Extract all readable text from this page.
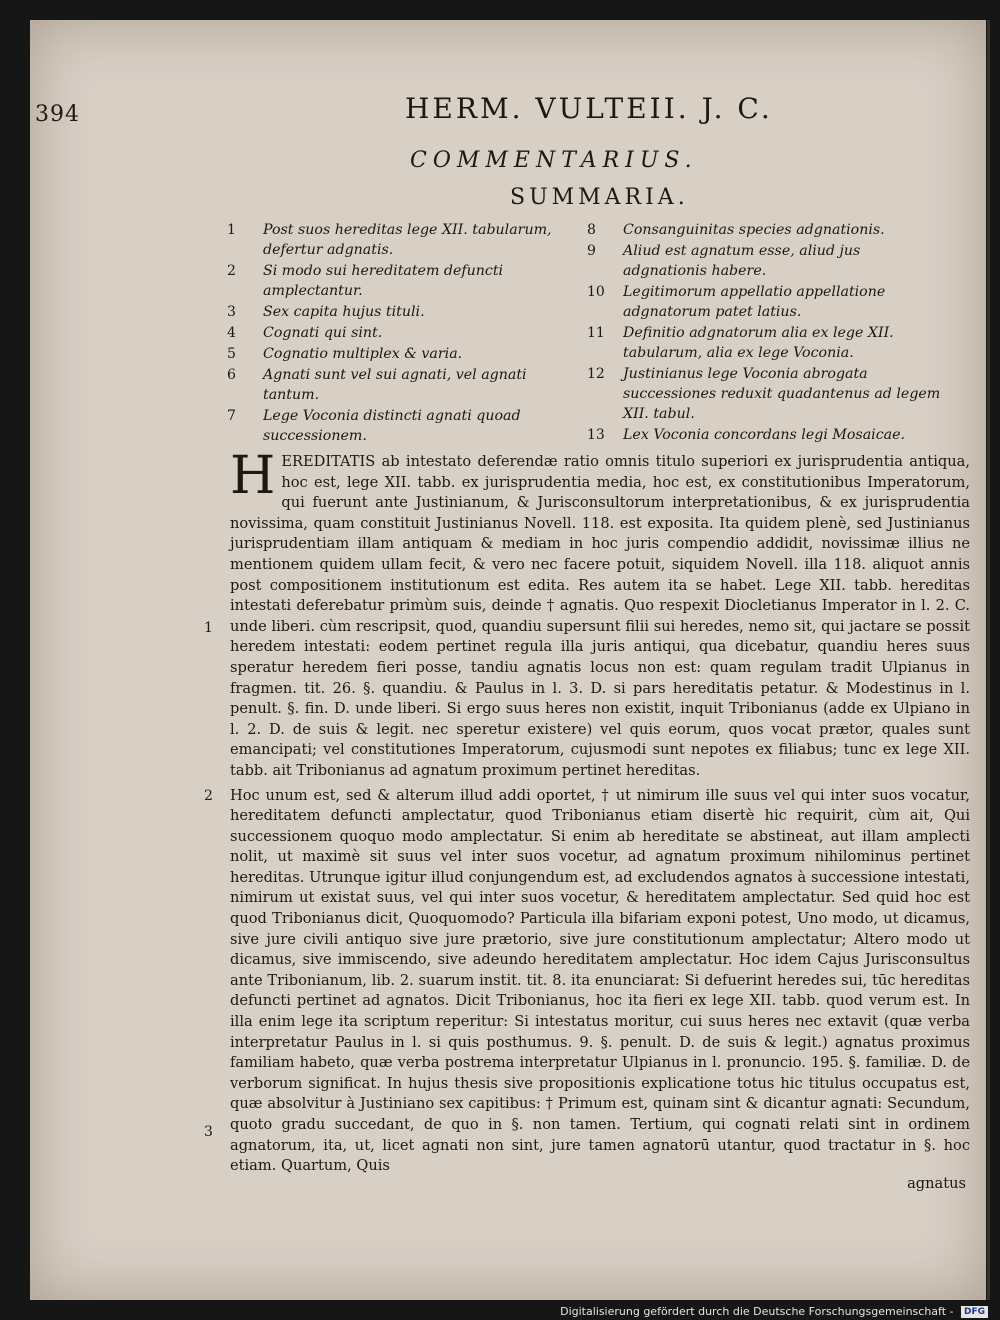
394	HERM. VULTEII. J. C.
COMMENTARIUS.
SUMMARIA.
1 Post suos hereditas lege XII. tabularum, defertur adgnatis.
2 Si modo sui hereditatem defuncti amplectantur.
3 Sex capita hujus tituli.
4 Cognati qui sint.
5 Cognatio multiplex & varia.
6 Agnati sunt vel sui agnati, vel agnati tantum.
7 Lege Voconia distincti agnati quoad successionem.
8 Consanguinitas species adgnationis.
9 Aliud est agnatum esse, aliud jus adgnationis habere.
10 Legitimorum appellatio appellatione adgnatorum patet latius.
11 Definitio adgnatorum alia ex lege XII. tabularum, alia ex lege Voconia.
12 Justinianus lege Voconia abrogata successiones reduxit quadantenus ad legem XII. tabul.
13 Lex Voconia concordans legi Mosaicae.

H
1
EREDITATIS ab intestato deferendæ ratio omnis titulo superiori ex jurisprudentia antiqua, hoc est, lege XII. tabb. ex jurisprudentia media, hoc est, ex constitutionibus Imperatorum, qui fuerunt ante Justinianum, & Jurisconsultorum interpretationibus, & ex jurisprudentia novissima, quam constituit Justinianus Novell. 118. est exposita. Ita quidem plenè, sed Justinianus jurisprudentiam illam antiquam & mediam in hoc juris compendio addidit, novissimæ illius ne mentionem quidem ullam fecit, & vero nec facere potuit, siquidem Novell. illa 118. aliquot annis post compositionem institutionum est edita. Res autem ita se habet. Lege XII. tabb. hereditas intestati deferebatur primùm suis, deinde † agnatis. Quo respexit Diocletianus Imperator in l. 2. C. unde liberi. cùm rescripsit, quod, quandiu supersunt filii sui heredes, nemo sit, qui jactare se possit heredem intestati: eodem pertinet regula illa juris antiqui, qua dicebatur, quandiu heres suus speratur heredem fieri posse, tandiu agnatis locus non est: quam regulam tradit Ulpianus in fragmen. tit. 26. §. quandiu. & Paulus in l. 3. D. si pars hereditatis petatur. & Modestinus in l. penult. §. fin. D. unde liberi. Si ergo suus heres non existit, inquit Tribonianus (adde ex Ulpiano in l. 2. D. de suis & legit. nec speretur existere) vel quis eorum, quos vocat prætor, quales sunt emancipati; vel constitutiones Imperatorum, cujusmodi sunt nepotes ex filiabus; tunc ex lege XII. tabb. ait Tribonianus ad agnatum proximum pertinet hereditas.

2
3
Hoc unum est, sed & alterum illud addi oportet, † ut nimirum ille suus vel qui inter suos vocatur, hereditatem defuncti amplectatur, quod Tribonianus etiam disertè hic requirit, cùm ait, Qui successionem quoquo modo amplectatur. Si enim ab hereditate se abstineat, aut illam amplecti nolit, ut maximè sit suus vel inter suos vocetur, ad agnatum proximum nihilominus pertinet hereditas. Utrunque igitur illud conjungendum est, ad excludendos agnatos à successione intestati, nimirum ut existat suus, vel qui inter suos vocetur, & hereditatem amplectatur. Sed quid hoc est quod Tribonianus dicit, Quoquomodo? Particula illa bifariam exponi potest, Uno modo, ut dicamus, sive jure civili antiquo sive jure prætorio, sive jure constitutionum amplectatur; Altero modo ut dicamus, sive immiscendo, sive adeundo hereditatem amplectatur. Hoc idem Cajus Jurisconsultus ante Tribonianum, lib. 2. suarum instit. tit. 8. ita enunciarat: Si defuerint heredes sui, tūc hereditas defuncti pertinet ad agnatos. Dicit Tribonianus, hoc ita fieri ex lege XII. tabb. quod verum est. In illa enim lege ita scriptum reperitur: Si intestatus moritur, cui suus heres nec extavit (quæ verba interpretatur Paulus in l. si quis posthumus. 9. §. penult. D. de suis & legit.) agnatus proximus familiam habeto, quæ verba postrema interpretatur Ulpianus in l. pronuncio. 195. §. familiæ. D. de verborum significat. In hujus thesis sive propositionis explicatione totus hic titulus occupatus est, quæ absolvitur à Justiniano sex capitibus: † Primum est, quinam sint & dicantur agnati: Secundum, quoto gradu succedant, de quo in §. non tamen. Tertium, qui cognati relati sint in ordinem agnatorum, ita, ut, licet agnati non sint, jure tamen agnatorū utantur, quod tractatur in §. hoc etiam. Quartum, Quis

agnatus
Digitalisierung gefördert durch die Deutsche Forschungsgemeinschaft - DFG
